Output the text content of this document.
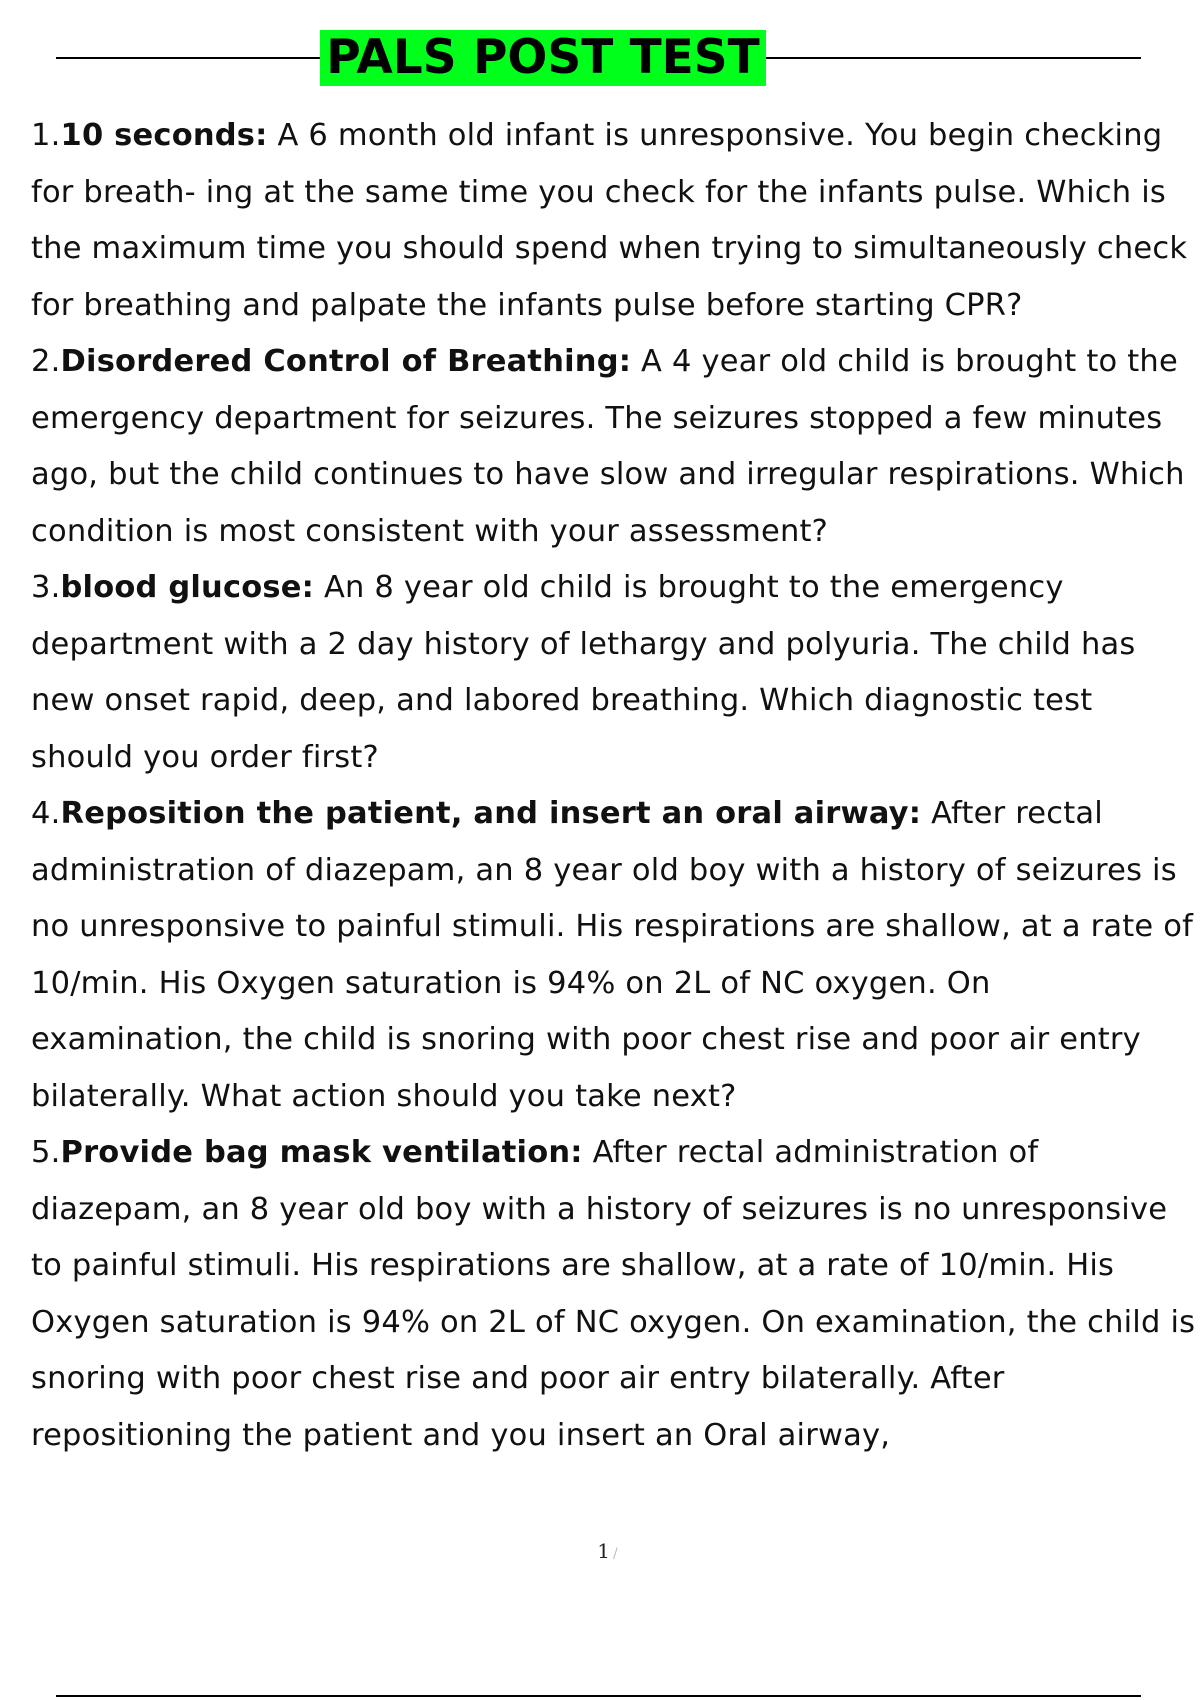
PALS POST TEST
1.10 seconds: A 6 month old infant is unresponsive. You begin checking for breath- ing at the same time you check for the infants pulse. Which is the maximum time you should spend when trying to simultaneously check for breathing and palpate the infants pulse before starting CPR?
2.Disordered Control of Breathing: A 4 year old child is brought to the emergency department for seizures. The seizures stopped a few minutes ago, but the child continues to have slow and irregular respirations. Which condition is most consistent with your assessment?
3.blood glucose: An 8 year old child is brought to the emergency department with a 2 day history of lethargy and polyuria. The child has new onset rapid, deep, and labored breathing. Which diagnostic test should you order first?
4.Reposition the patient, and insert an oral airway: After rectal administration of diazepam, an 8 year old boy with a history of seizures is no unresponsive to painful stimuli. His respirations are shallow, at a rate of 10/min. His Oxygen saturation is 94% on 2L of NC oxygen. On examination, the child is snoring with poor chest rise and poor air entry bilaterally. What action should you take next?
5.Provide bag mask ventilation: After rectal administration of diazepam, an 8 year old boy with a history of seizures is no unresponsive to painful stimuli. His respirations are shallow, at a rate of 10/min. His Oxygen saturation is 94% on 2L of NC oxygen. On examination, the child is snoring with poor chest rise and poor air entry bilaterally. After repositioning the patient and you insert an Oral airway,
1 /
